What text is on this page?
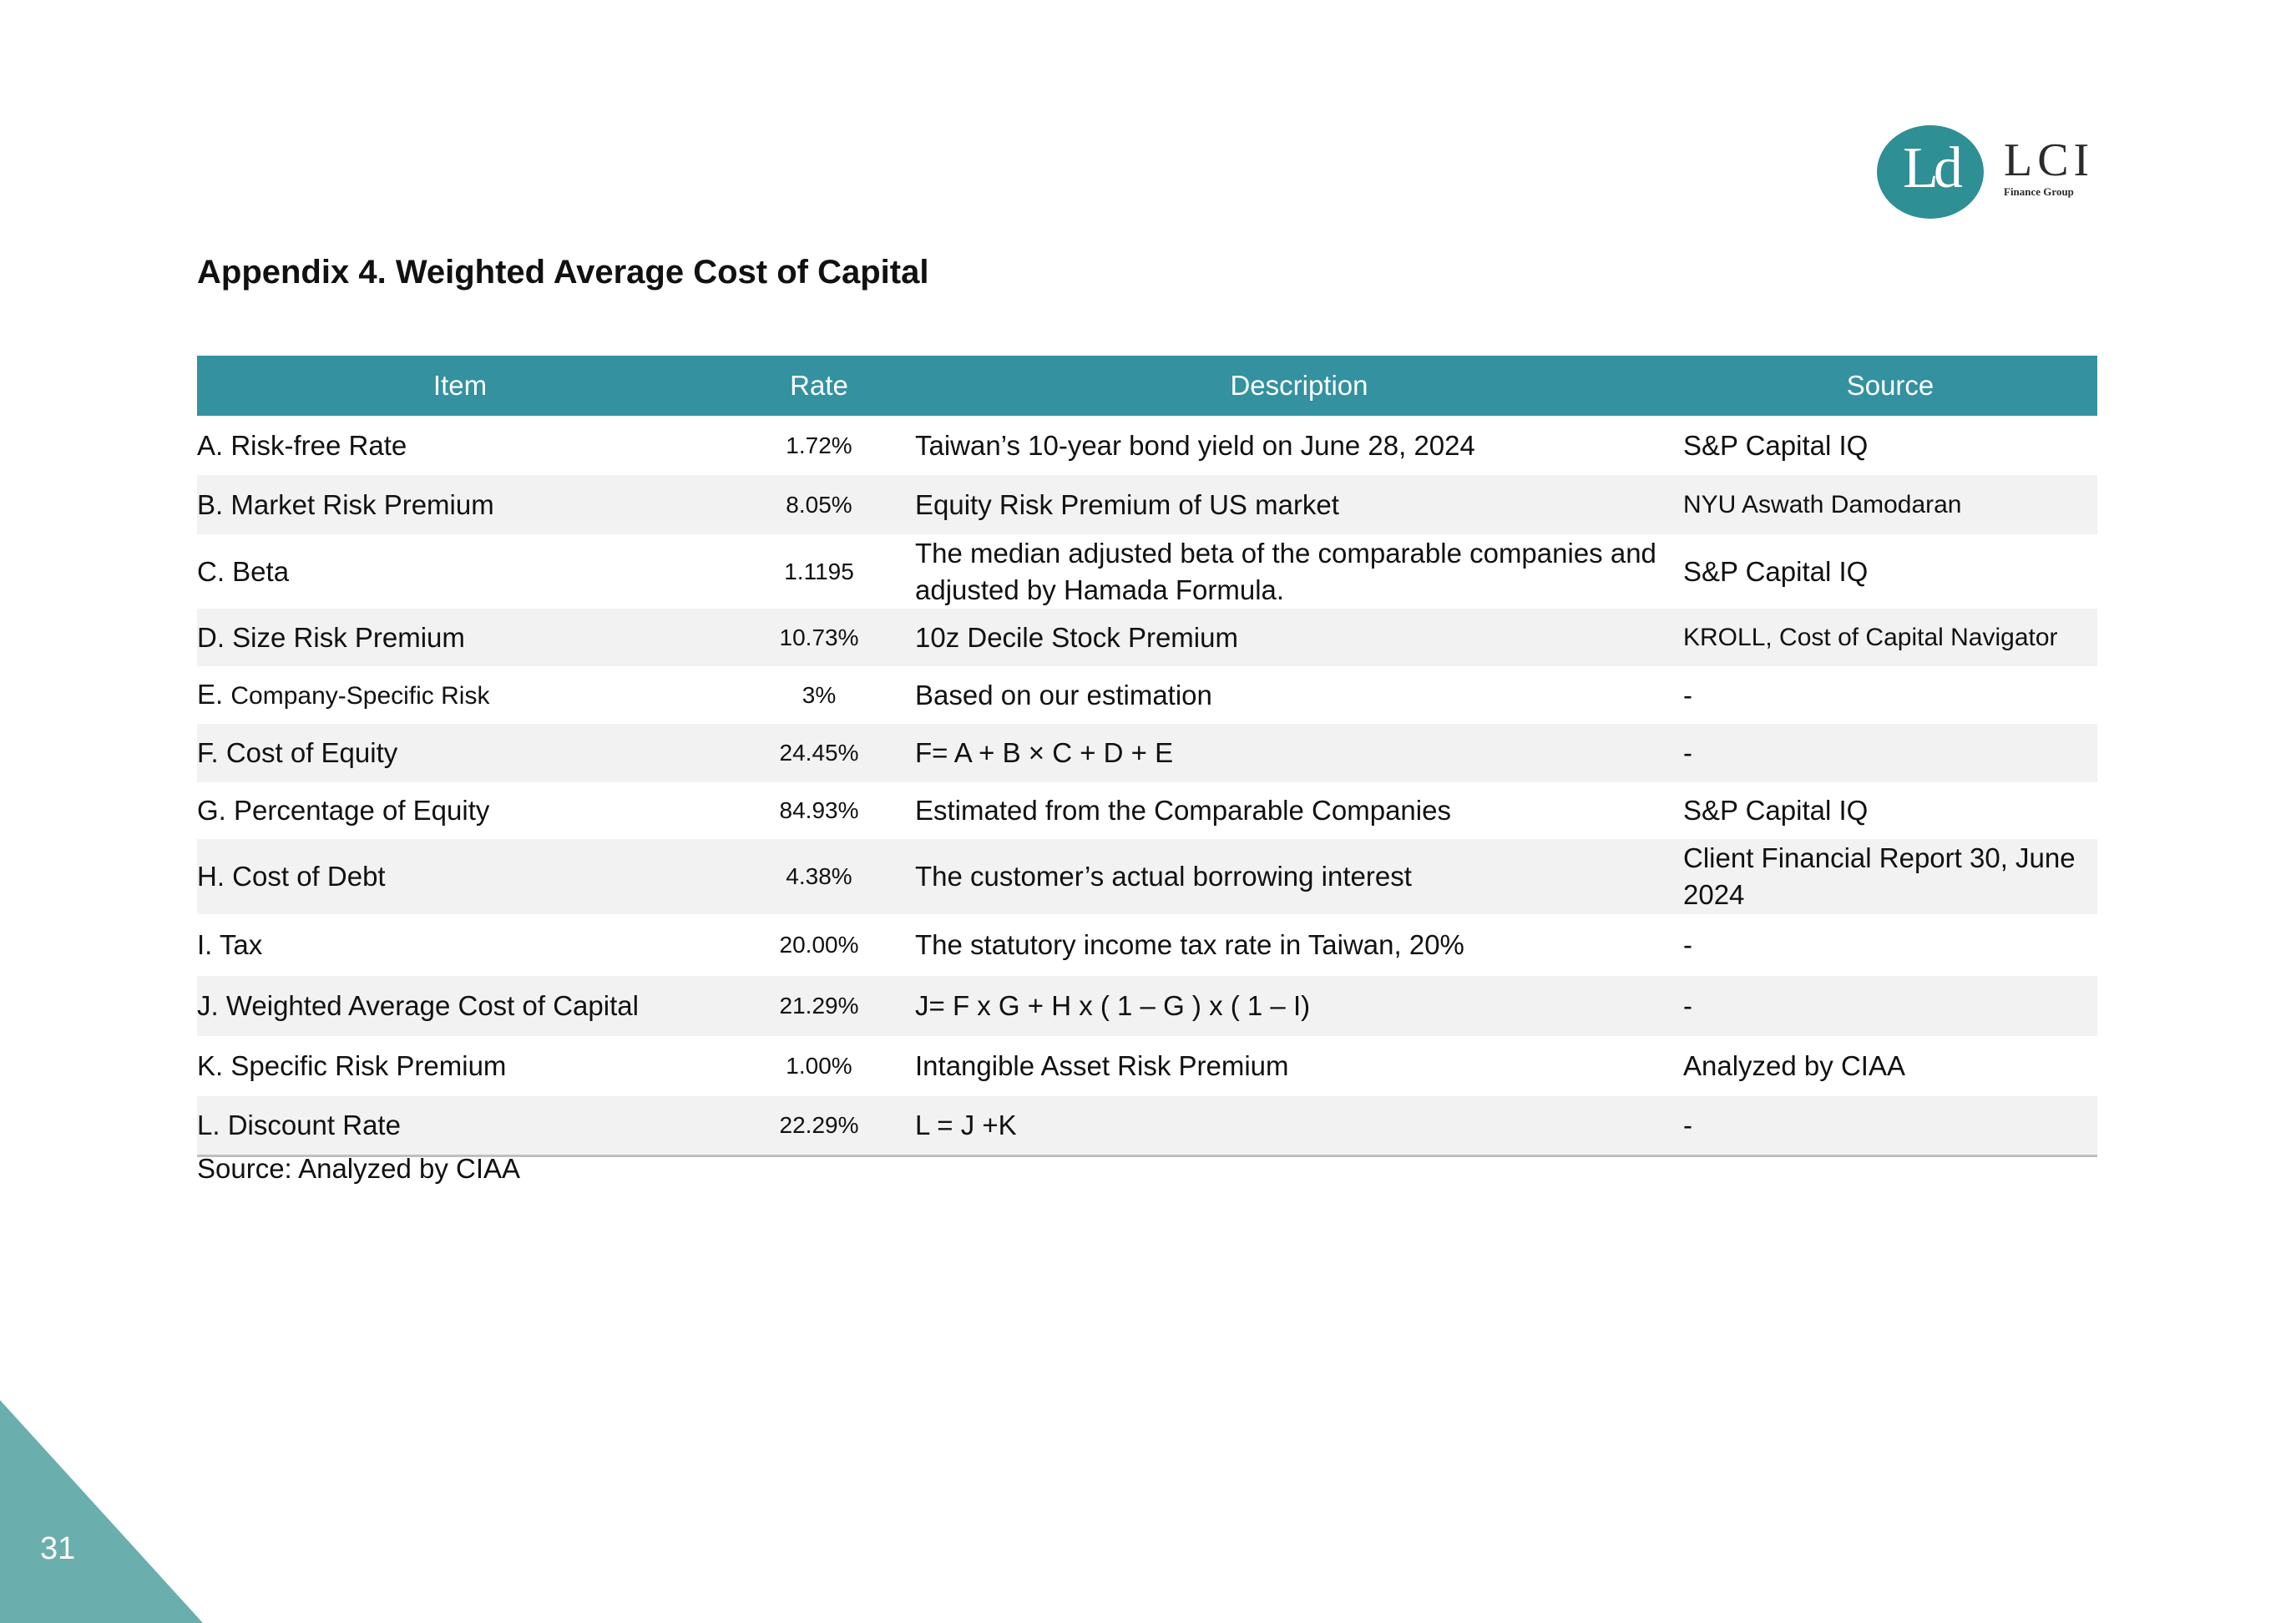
Ld LCI
Finance Group
Appendix 4. Weighted Average Cost of Capital
Item	Rate	Description	Source
A. Risk-free Rate	1.72%	Taiwan’s 10-year bond yield on June 28, 2024	S&P Capital IQ
B. Market Risk Premium	8.05%	Equity Risk Premium of US market	NYU Aswath Damodaran
C. Beta	1.1195	The median adjusted beta of the comparable companies and adjusted by Hamada Formula.	S&P Capital IQ
D. Size Risk Premium	10.73%	10z Decile Stock Premium	KROLL, Cost of Capital Navigator
E. Company-Specific Risk	3%	Based on our estimation	-
F. Cost of Equity	24.45%	F= A + B × C + D + E	-
G. Percentage of Equity	84.93%	Estimated from the Comparable Companies	S&P Capital IQ
H. Cost of Debt	4.38%	The customer’s actual borrowing interest	Client Financial Report 30, June 2024
I. Tax	20.00%	The statutory income tax rate in Taiwan, 20%	-
J. Weighted Average Cost of Capital	21.29%	J= F x G + H x ( 1 – G ) x ( 1 – I)	-
K. Specific Risk Premium	1.00%	Intangible Asset Risk Premium	Analyzed by CIAA
L. Discount Rate	22.29%	L = J +K	-
Source: Analyzed by CIAA
31
